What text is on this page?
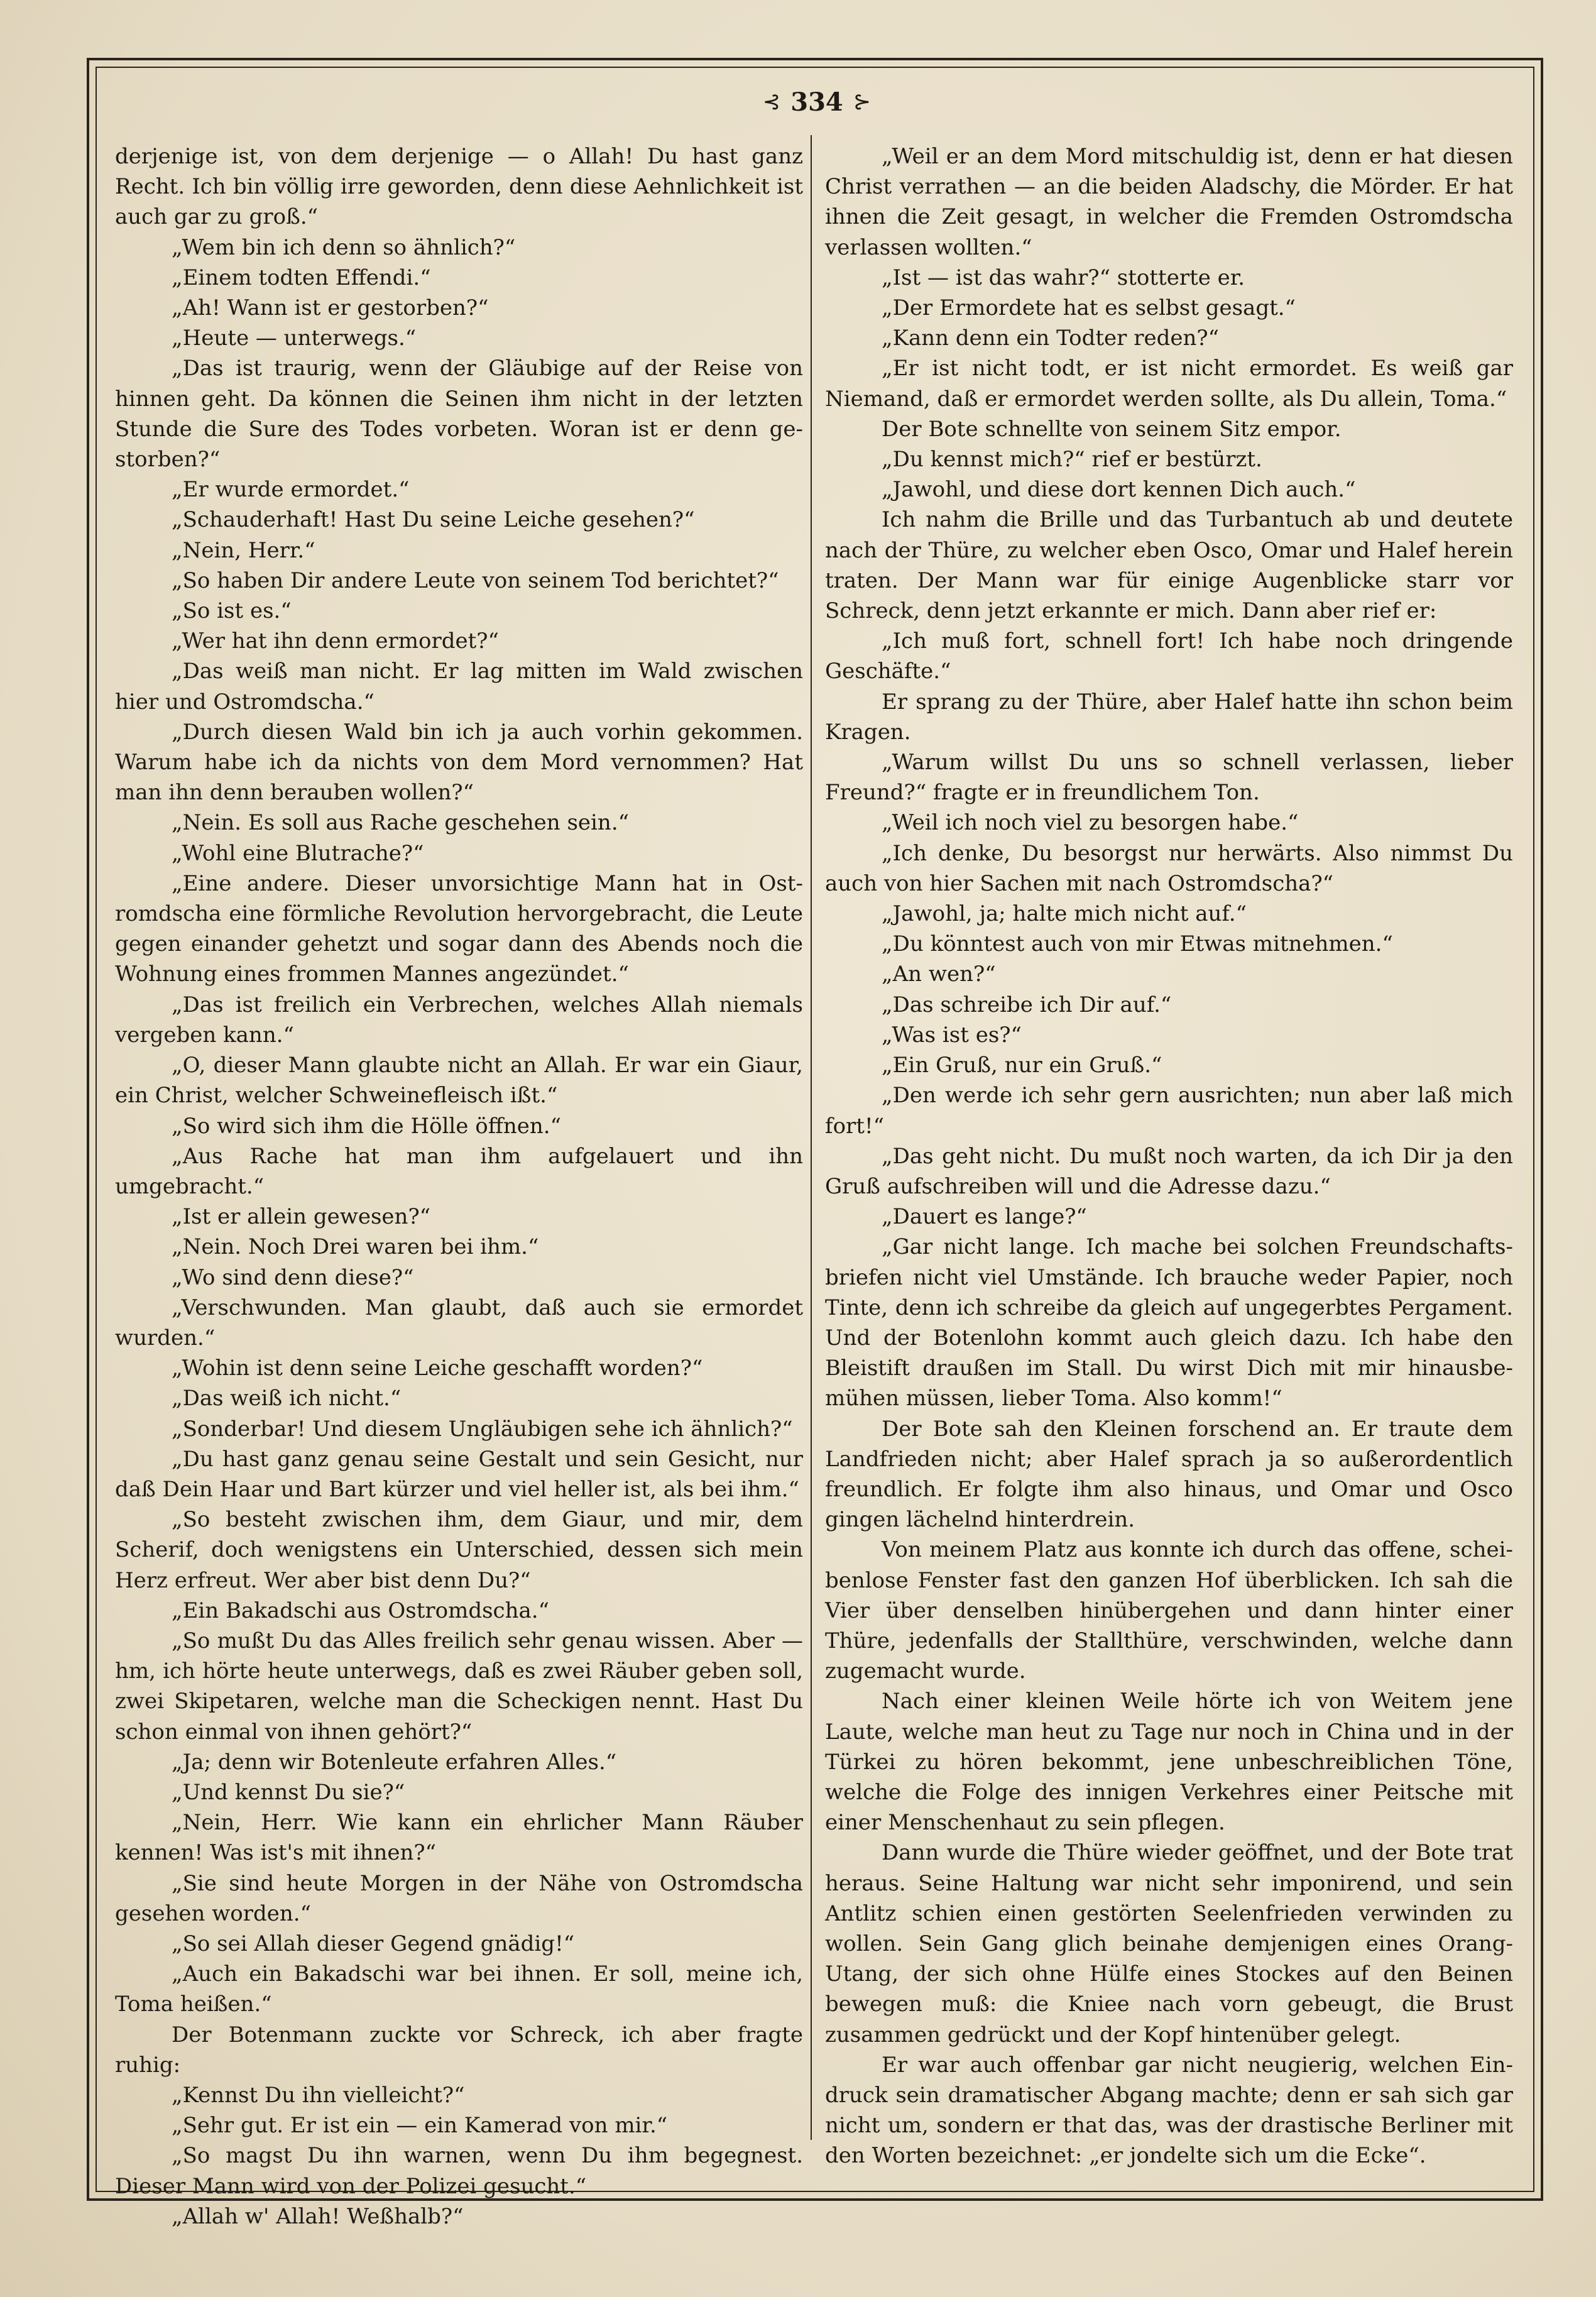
⊰ 334 ⊱

derjenige ist, von dem derjenige — o Allah! Du hast ganz Recht. Ich bin völlig irre geworden, denn diese Aehnlichkeit ist auch gar zu groß.“

„Wem bin ich denn so ähnlich?“

„Einem todten Effendi.“

„Ah! Wann ist er gestorben?“

„Heute — unterwegs.“

„Das ist traurig, wenn der Gläubige auf der Reise von hinnen geht. Da können die Seinen ihm nicht in der letzten Stunde die Sure des Todes vorbeten. Woran ist er denn gestorben?“

„Er wurde ermordet.“

„Schauderhaft! Hast Du seine Leiche gesehen?“

„Nein, Herr.“

„So haben Dir andere Leute von seinem Tod berichtet?“

„So ist es.“

„Wer hat ihn denn ermordet?“

„Das weiß man nicht. Er lag mitten im Wald zwischen hier und Ostromdscha.“

„Durch diesen Wald bin ich ja auch vorhin gekommen. Warum habe ich da nichts von dem Mord vernommen? Hat man ihn denn berauben wollen?“

„Nein. Es soll aus Rache geschehen sein.“

„Wohl eine Blutrache?“

„Eine andere. Dieser unvorsichtige Mann hat in Ostromdscha eine förmliche Revolution hervorgebracht, die Leute gegen einander gehetzt und sogar dann des Abends noch die Wohnung eines frommen Mannes angezündet.“

„Das ist freilich ein Verbrechen, welches Allah niemals vergeben kann.“

„O, dieser Mann glaubte nicht an Allah. Er war ein Giaur, ein Christ, welcher Schweinefleisch ißt.“

„So wird sich ihm die Hölle öffnen.“

„Aus Rache hat man ihm aufgelauert und ihn umgebracht.“

„Ist er allein gewesen?“

„Nein. Noch Drei waren bei ihm.“

„Wo sind denn diese?“

„Verschwunden. Man glaubt, daß auch sie ermordet wurden.“

„Wohin ist denn seine Leiche geschafft worden?“

„Das weiß ich nicht.“

„Sonderbar! Und diesem Ungläubigen sehe ich ähnlich?“

„Du hast ganz genau seine Gestalt und sein Gesicht, nur daß Dein Haar und Bart kürzer und viel heller ist, als bei ihm.“

„So besteht zwischen ihm, dem Giaur, und mir, dem Scherif, doch wenigstens ein Unterschied, dessen sich mein Herz erfreut. Wer aber bist denn Du?“

„Ein Bakadschi aus Ostromdscha.“

„So mußt Du das Alles freilich sehr genau wissen. Aber — hm, ich hörte heute unterwegs, daß es zwei Räuber geben soll, zwei Skipetaren, welche man die Scheckigen nennt. Hast Du schon einmal von ihnen gehört?“

„Ja; denn wir Botenleute erfahren Alles.“

„Und kennst Du sie?“

„Nein, Herr. Wie kann ein ehrlicher Mann Räuber kennen! Was ist's mit ihnen?“

„Sie sind heute Morgen in der Nähe von Ostromdscha gesehen worden.“

„So sei Allah dieser Gegend gnädig!“

„Auch ein Bakadschi war bei ihnen. Er soll, meine ich, Toma heißen.“

Der Botenmann zuckte vor Schreck, ich aber fragte ruhig:

„Kennst Du ihn vielleicht?“

„Sehr gut. Er ist ein — ein Kamerad von mir.“

„So magst Du ihn warnen, wenn Du ihm begegnest. Dieser Mann wird von der Polizei gesucht.“

„Allah w' Allah! Weßhalb?“

„Weil er an dem Mord mitschuldig ist, denn er hat diesen Christ verrathen — an die beiden Aladschy, die Mörder. Er hat ihnen die Zeit gesagt, in welcher die Fremden Ostromdscha verlassen wollten.“

„Ist — ist das wahr?“ stotterte er.

„Der Ermordete hat es selbst gesagt.“

„Kann denn ein Todter reden?“

„Er ist nicht todt, er ist nicht ermordet. Es weiß gar Niemand, daß er ermordet werden sollte, als Du allein, Toma.“

Der Bote schnellte von seinem Sitz empor.

„Du kennst mich?“ rief er bestürzt.

„Jawohl, und diese dort kennen Dich auch.“

Ich nahm die Brille und das Turbantuch ab und deutete nach der Thüre, zu welcher eben Osco, Omar und Halef herein traten. Der Mann war für einige Augenblicke starr vor Schreck, denn jetzt erkannte er mich. Dann aber rief er:

„Ich muß fort, schnell fort! Ich habe noch dringende Geschäfte.“

Er sprang zu der Thüre, aber Halef hatte ihn schon beim Kragen.

„Warum willst Du uns so schnell verlassen, lieber Freund?“ fragte er in freundlichem Ton.

„Weil ich noch viel zu besorgen habe.“

„Ich denke, Du besorgst nur herwärts. Also nimmst Du auch von hier Sachen mit nach Ostromdscha?“

„Jawohl, ja; halte mich nicht auf.“

„Du könntest auch von mir Etwas mitnehmen.“

„An wen?“

„Das schreibe ich Dir auf.“

„Was ist es?“

„Ein Gruß, nur ein Gruß.“

„Den werde ich sehr gern ausrichten; nun aber laß mich fort!“

„Das geht nicht. Du mußt noch warten, da ich Dir ja den Gruß aufschreiben will und die Adresse dazu.“

„Dauert es lange?“

„Gar nicht lange. Ich mache bei solchen Freundschaftsbriefen nicht viel Umstände. Ich brauche weder Papier, noch Tinte, denn ich schreibe da gleich auf ungegerbtes Pergament. Und der Botenlohn kommt auch gleich dazu. Ich habe den Bleistift draußen im Stall. Du wirst Dich mit mir hinausbemühen müssen, lieber Toma. Also komm!“

Der Bote sah den Kleinen forschend an. Er traute dem Landfrieden nicht; aber Halef sprach ja so außerordentlich freundlich. Er folgte ihm also hinaus, und Omar und Osco gingen lächelnd hinterdrein.

Von meinem Platz aus konnte ich durch das offene, scheibenlose Fenster fast den ganzen Hof überblicken. Ich sah die Vier über denselben hinübergehen und dann hinter einer Thüre, jedenfalls der Stallthüre, verschwinden, welche dann zugemacht wurde.

Nach einer kleinen Weile hörte ich von Weitem jene Laute, welche man heut zu Tage nur noch in China und in der Türkei zu hören bekommt, jene unbeschreiblichen Töne, welche die Folge des innigen Verkehres einer Peitsche mit einer Menschenhaut zu sein pflegen.

Dann wurde die Thüre wieder geöffnet, und der Bote trat heraus. Seine Haltung war nicht sehr imponirend, und sein Antlitz schien einen gestörten Seelenfrieden verwinden zu wollen. Sein Gang glich beinahe demjenigen eines Orang-Utang, der sich ohne Hülfe eines Stockes auf den Beinen bewegen muß: die Kniee nach vorn gebeugt, die Brust zusammen gedrückt und der Kopf hintenüber gelegt.

Er war auch offenbar gar nicht neugierig, welchen Eindruck sein dramatischer Abgang machte; denn er sah sich gar nicht um, sondern er that das, was der drastische Berliner mit den Worten bezeichnet: „er jondelte sich um die Ecke“.
